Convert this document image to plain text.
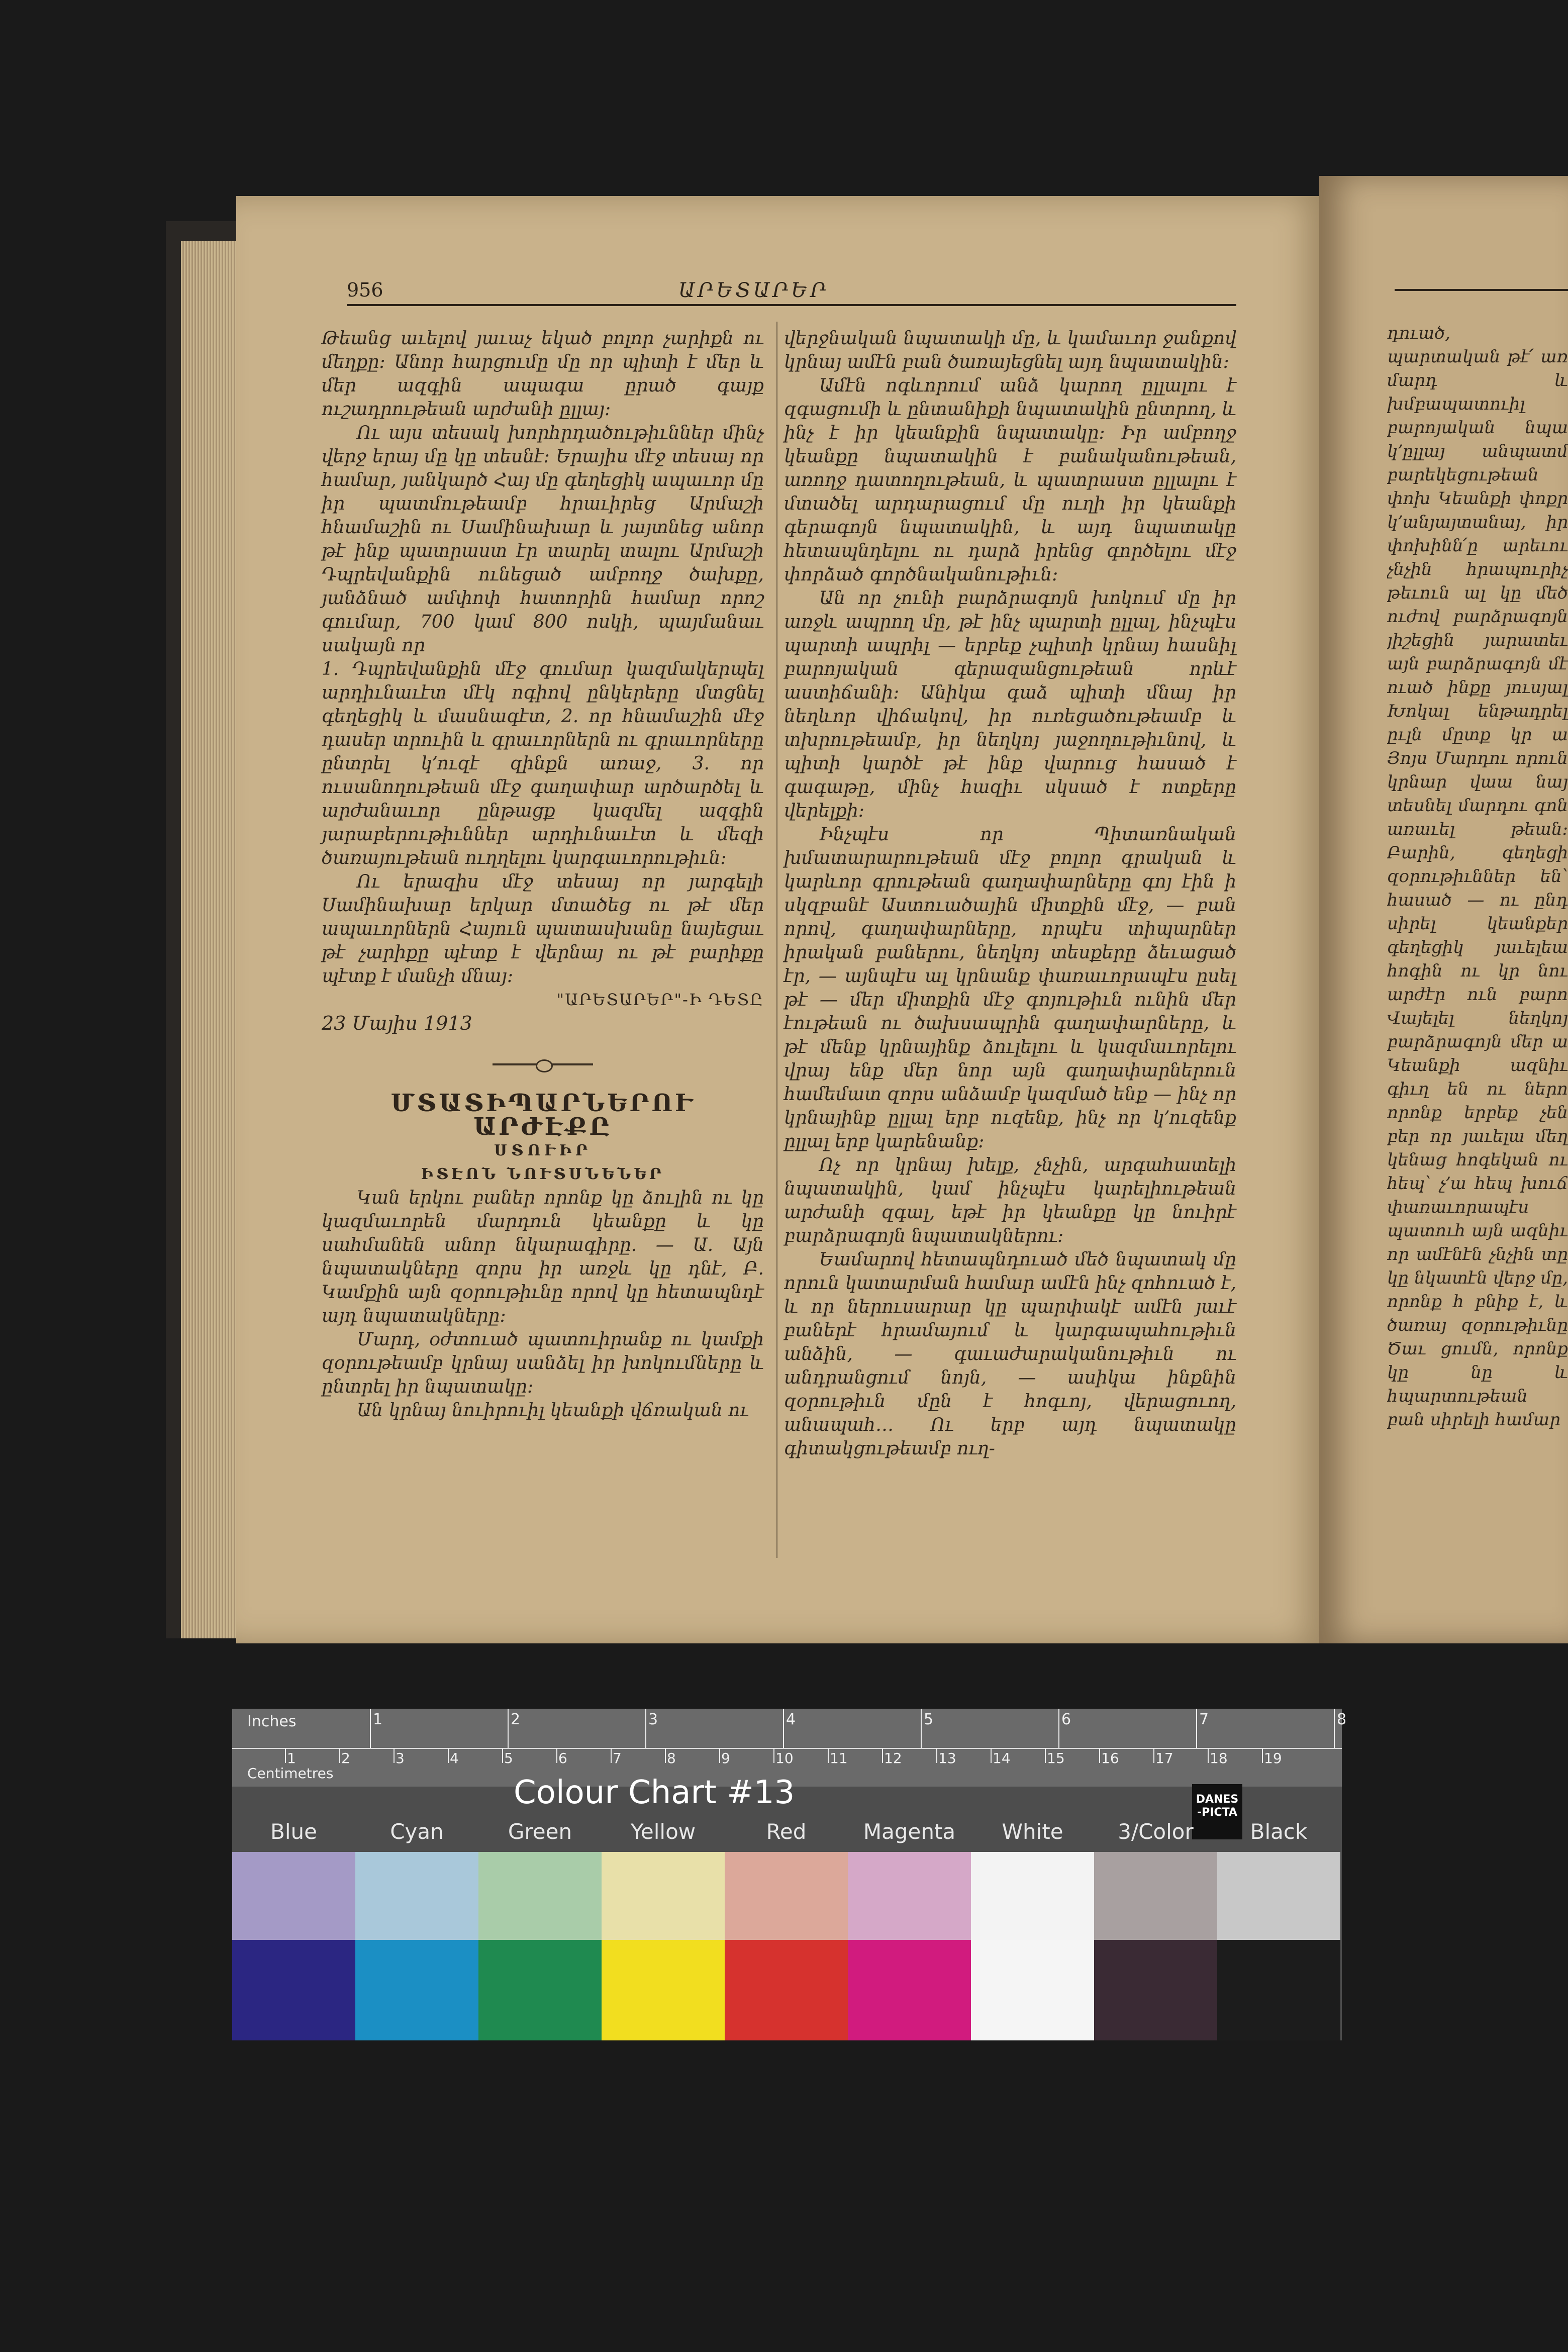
956	ԱՐԵՏԱՐԵՐ

Թեանց աւելով յաւաչ եկած բոլոր չարիքն ու մեղքը։ Անոր հարցումը մը որ պիտի է մեր և մեր ազգին ապագա ըրած գայք ուշադրութեան արժանի ըլլայ։

Ու այս տեսակ խորհրդածութիւններ մինչ վերջ երայ մը կը տեսնէ։ Երայիս մէջ տեսայ որ համար, յանկարծ Հայ մը գեղեցիկ ապաւոր մը իր պատմութեամբ հրաւիրեց Արմաշի հնամաշին ու Սամինախար և յայտնեց անոր թէ ինք պատրաստ էր տարել տալու Արմաշի Դպրեվանքին ունեցած ամբողջ ծախքը, յանձնած ամփոփ հատորին համար որոշ գումար, 700 կամ 800 ոսկի, պայմանաւ սակայն որ

1. Դպրեվանքին մէջ գումար կազմակերպել արդիւնաւէտ մէկ ոգիով ընկերերը մտցնել գեղեցիկ և մասնագէտ, 2. որ հնամաշին մէջ դասեր տրուին և գրաւորներն ու գրաւորները ընտրել կ՚ուզէ զինքն առաջ, 3. որ ուսանողութեան մէջ գաղափար արծարծել և արժանաւոր ընթացք կազմել ազգին յարաբերութիւններ արդիւնաւէտ և մեզի ծառայութեան ուղղելու կարգաւորութիւն։

Ու երազիս մէջ տեսայ որ յարգելի Սամինախար երկար մտածեց ու թէ մեր ապաւորներն Հայուն պատասխանը նայեցաւ թէ չարիքը պէտք է վերնայ ու թէ բարիքը պէտք է մանչի մնայ։

"ԱՐԵՏԱՐԵՐ"-Ի ԴԵՏԸ

23 Մայիս 1913

ՄՏԱՏԻՊԱՐՆԵՐՈՒ ԱՐԺԷՔԸ

ՍՏՈՒԻՐ

ԻՏԷՈՆ ՆՈՒՏՍՆԵՆԵՐ

Կան երկու բաներ որոնք կը ձուլին ու կը կազմաւորեն մարդուն կեանքը և կը սահմանեն անոր նկարագիրը. — Ա. Այն նպատակները զորս իր առջև կը դնէ, Բ. Կամքին այն զօրութիւնը որով կը հետապնդէ այդ նպատակները։

Մարդ, օժտուած պատուիրանք ու կամքի զօրութեամբ կրնայ սանձել իր խոկումները և ընտրել իր նպատակը։

Ան կրնայ նուիրուիլ կեանքի վճռական ու

վերջնական նպատակի մը, և կամաւոր ջանքով կրնայ ամէն բան ծառայեցնել այդ նպատակին։

Ամէն ոգևորում անձ կարող ըլլալու է զգացումի և ընտանիքի նպատակին ընտրող, և ինչ է իր կեանքին նպատակը։ Իր ամբողջ կեանքը նպատակին է բանականութեան, առողջ դատողութեան, և պատրաստ ըլլալու է մտածել արդարացում մը ուղի իր կեանքի գերագոյն նպատակին, և այդ նպատակը հետապնդելու ու դարձ իրենց գործելու մէջ փորձած գործնականութիւն։

Ան որ չունի բարձրագոյն խոկում մը իր առջև ապրող մը, թէ ինչ պարտի ըլլալ, ինչպէս պարտի ապրիլ — երբեք չպիտի կրնայ հասնիլ բարոյական գերազանցութեան որևէ աստիճանի։ Անիկա գաձ պիտի մնայ իր նեղևոր վիճակով, իր ուռեցածութեամբ և տխրութեամբ, իր նեղկոյ յաջողութիւնով, և պիտի կարծէ թէ ինք վարուց հասած է գագաթը, մինչ հազիւ սկսած է ոտքերը վերելքի։

Ինչպէս որ Պիտառնական խմատարարութեան մէջ բոլոր գրական և կարևոր գրութեան գաղափարները գոյ էին ի սկզբանէ Աստուածային միտքին մէջ, — բան որով, գաղափարները, որպէս տիպարներ իրական բաներու, նեղկոյ տեսքերը ձեւացած էր, — այնպէս ալ կրնանք փառաւորապէս ըսել թէ — մեր միտքին մէջ գոյութիւն ունին մեր էութեան ու ծախսապրին գաղափարները, և թէ մենք կրնայինք ձուլելու և կազմաւորելու վրայ ենք մեր նոր այն գաղափարներուն համեմատ զորս անձամբ կազմած ենք — ինչ որ կրնայինք ըլլալ երբ ուզենք, ինչ որ կ՚ուզենք ըլլալ երբ կարենանք։

Ոչ որ կրնայ խելք, չնչին, արգահատելի նպատակին, կամ ինչպէս կարելիութեան արժանի զգալ, եթէ իր կեանքը կը նուիրէ բարձրագոյն նպատակներու։

Եամարով հետապնդուած մեծ նպատակ մը որուն կատարման համար ամէն ինչ զոհուած է, և որ ներուսարար կը պարփակէ ամէն յաւէ բաներէ հրամայում և կարգապահութիւն անձին, — գաւաժարականութիւն ու անդրանցում նոյն, — ասիկա ինքնին զօրութիւն մըն է հոգւոյ, վերացուող, անապահ․․․ Ու երբ այդ նպատակը գիտակցութեամբ ուղ-

դուած, պարտական թէ՛ առ մարդ և խմբապատուիլ բարոյական նպա կ՚ըլլայ անպատմ բարեկեցութեան փոխ Կեանքի փոքր կ՚անյայտանայ, իր փոխինն՛ը արեւու չնչին հրապուրիչ թեւուն ալ կը մեծ ուժով բարձրագոյն յիշեցին յարատեւ այն բարձրագոյն մէ ուած ինքը յուսյալ Խոկալ ենթադրել ըւլն մըտք կր ա Յոյս Մարդու որուն կրնար վաա նայ տեսնել մարդու գոն առաւել թեան։ Բարին, գեղեցի զօրութիւններ են՝ հասած — ու ընդ սիրել կեանքեր գեղեցիկ յաւելեա հոգին ու կր նու արժէր ուն բարո Վայելել նեղկոյ բարձրագոյն մեր ա Կեանքի ազնիւ գիւղ են ու ներո որոնք երբեք չեն բեր որ յաւելա մեղ կենաց հոգեկան ու հեպ՝ չ՚ա հեպ խուճ փառաւորապէս պատուհ այն ազնիւ որ ամէնէն չնչին տը կը նկատէն վերջ մը, որոնք հ բնիք է, և ծառայ զօրութիւնը Ծաւ ցումն, որոնք կը նը և հպարտութեան բան սիրելի համար

Inches
Centimetres
1	2	3	4	5	6	7	8
1	2	3	4	5	6	7	8	9	10	11	12	13	14	15	16	17	18	19
Colour Chart #13	DANES
-PICTA
Blue	Cyan	Green	Yellow	Red	Magenta	White	3/Color	Black
